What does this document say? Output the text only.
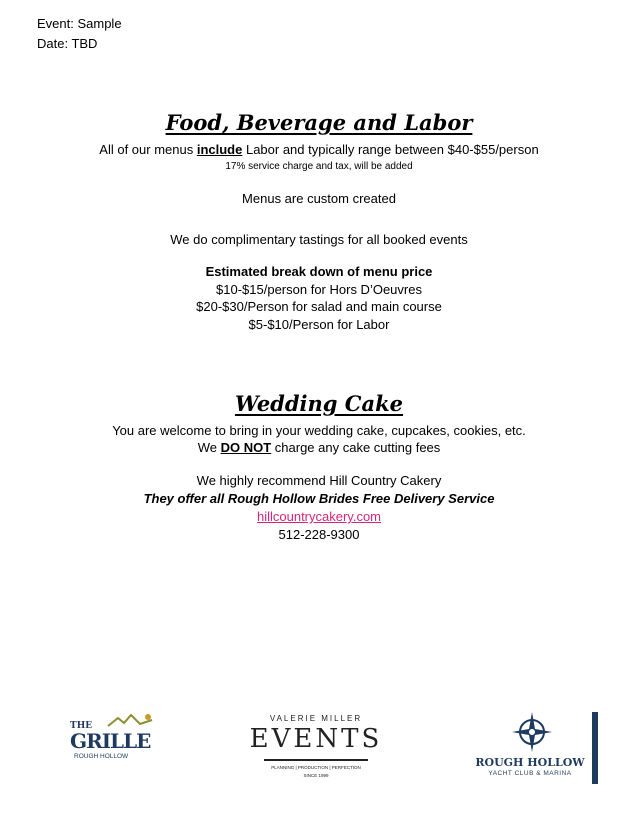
Event: Sample
Date: TBD
Food, Beverage and Labor
All of our menus include Labor and typically range between $40-$55/person
17% service charge and tax, will be added
Menus are custom created
We do complimentary tastings for all booked events
Estimated break down of menu price
$10-$15/person for Hors D’Oeuvres
$20-$30/Person for salad and main course
$5-$10/Person for Labor
Wedding Cake
You are welcome to bring in your wedding cake, cupcakes, cookies, etc.
We DO NOT charge any cake cutting fees
We highly recommend Hill Country Cakery
They offer all Rough Hollow Brides Free Delivery Service
hillcountrycakery.com
512-228-9300
THE
GRILLE
ROUGH HOLLOW
VALERIE MILLER
EVENTS
PLANNING | PRODUCTION | PERFECTION
SINCE 1999
ROUGH HOLLOW
YACHT CLUB & MARINA
